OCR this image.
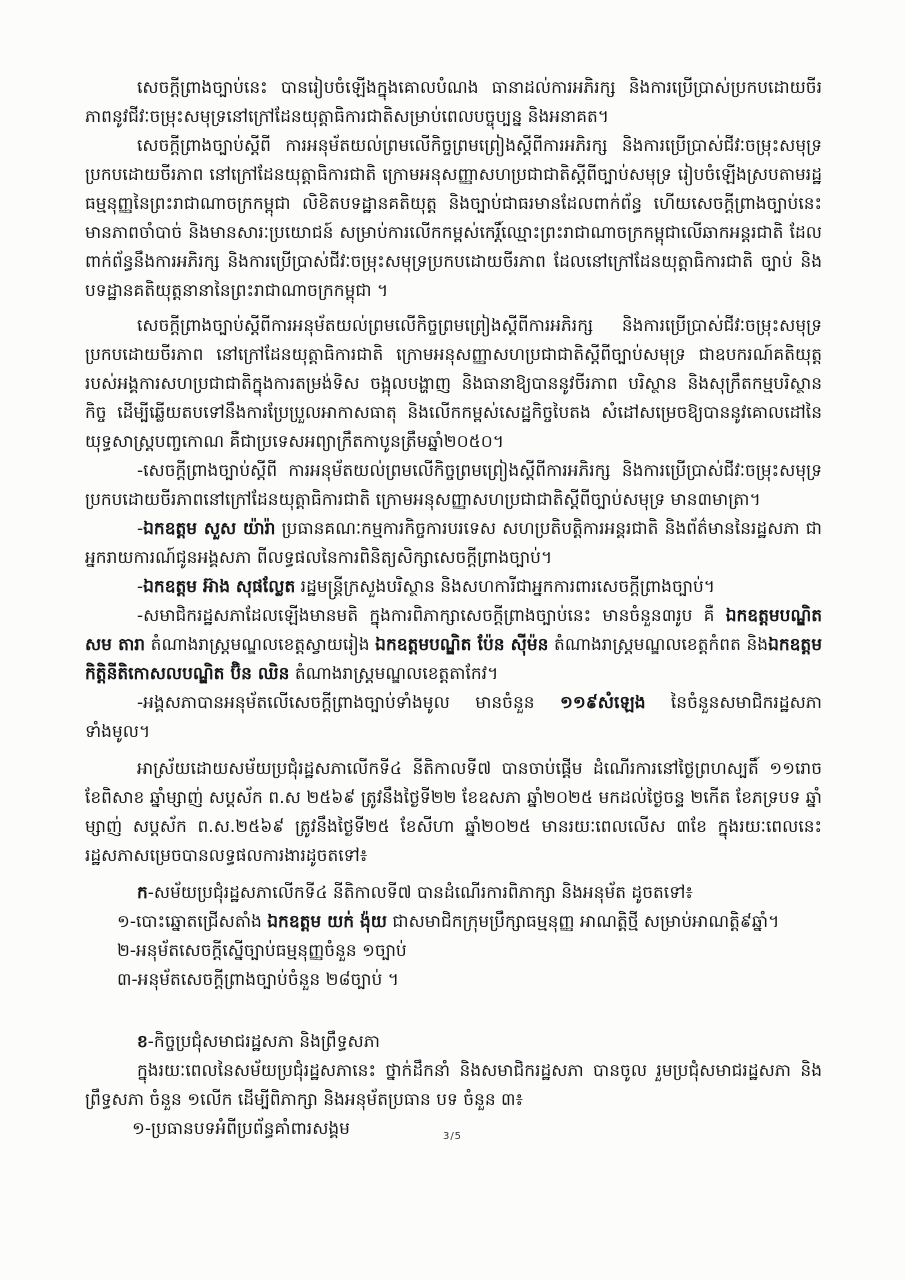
សេចក្តីព្រាងច្បាប់នេះ បានរៀបចំឡើងក្នុងគោលបំណង ធានាដល់ការអភិរក្ស និងការប្រើប្រាស់ប្រកបដោយចីរភាពនូវជីវៈចម្រុះសមុទ្រនៅក្រៅដែនយុត្តាធិការជាតិសម្រាប់ពេលបច្ចុប្បន្ន និងអនាគត។

សេចក្តីព្រាងច្បាប់ស្តីពី ការអនុម័តយល់ព្រមលើកិច្ចព្រមព្រៀងស្តីពីការអភិរក្ស និងការប្រើប្រាស់ជីវៈចម្រុះសមុទ្រប្រកបដោយចីរភាព នៅក្រៅដែនយុត្តាធិការជាតិ ក្រោមអនុសញ្ញាសហប្រជាជាតិស្តីពីច្បាប់សមុទ្រ រៀបចំឡើងស្របតាមរដ្ឋធម្មនុញ្ញនៃព្រះរាជាណាចក្រកម្ពុជា លិខិតបទដ្ឋានគតិយុត្ត និងច្បាប់ជាធរមានដែលពាក់ព័ន្ធ ហើយសេចក្តីព្រាងច្បាប់នេះមានភាពចាំបាច់ និងមានសារៈប្រយោជន៍ សម្រាប់ការលើកកម្ពស់កេរ្តិ៍ឈ្មោះព្រះរាជាណាចក្រកម្ពុជាលើឆាកអន្តរជាតិ ដែលពាក់ព័ន្ធនឹងការអភិរក្ស និងការប្រើប្រាស់ជីវៈចម្រុះសមុទ្រប្រកបដោយចីរភាព ដែលនៅក្រៅដែនយុត្តាធិការជាតិ ច្បាប់ និងបទដ្ឋានគតិយុត្តនានានៃព្រះរាជាណាចក្រកម្ពុជា ។

សេចក្តីព្រាងច្បាប់ស្តីពីការអនុម័តយល់ព្រមលើកិច្ចព្រមព្រៀងស្តីពីការអភិរក្ស និងការប្រើប្រាស់ជីវៈចម្រុះសមុទ្រប្រកបដោយចីរភាព នៅក្រៅដែនយុត្តាធិការជាតិ ក្រោមអនុសញ្ញាសហប្រជាជាតិស្តីពីច្បាប់សមុទ្រ ជាឧបករណ៍គតិយុត្តរបស់អង្គការសហប្រជាជាតិក្នុងការតម្រង់ទិស ចង្អុលបង្ហាញ និងធានាឱ្យបាននូវចីរភាព បរិស្ថាន និងសុក្រឹតកម្មបរិស្ថានកិច្ច ដើម្បីឆ្លើយតបទៅនឹងការប្រែប្រួលអាកាសធាតុ និងលើកកម្ពស់សេដ្ឋកិច្ចបៃតង សំដៅសម្រេចឱ្យបាននូវគោលដៅនៃយុទ្ធសាស្ត្របញ្ចកោណ គឺជាប្រទេសអព្យាក្រឹតកាបូនត្រឹមឆ្នាំ២០៥០។

-សេចក្តីព្រាងច្បាប់ស្តីពី ការអនុម័តយល់ព្រមលើកិច្ចព្រមព្រៀងស្តីពីការអភិរក្ស និងការប្រើប្រាស់ជីវៈចម្រុះសមុទ្រប្រកបដោយចីរភាពនៅក្រៅដែនយុត្តាធិការជាតិ ក្រោមអនុសញ្ញាសហប្រជាជាតិស្តីពីច្បាប់សមុទ្រ មាន៣មាត្រា។

-ឯកឧត្តម សួស យ៉ារ៉ា ប្រធានគណៈកម្មការកិច្ចការបរទេស សហប្រតិបត្តិការអន្តរជាតិ និងព័ត៌មាននៃរដ្ឋសភា ជាអ្នករាយការណ៍ជូនអង្គសភា ពីលទ្ធផលនៃការពិនិត្យសិក្សាសេចក្តីព្រាងច្បាប់។

-ឯកឧត្តម អ៊ាង សុផល្លែត រដ្ឋមន្ត្រីក្រសួងបរិស្ថាន និងសហការីជាអ្នកការពារសេចក្តីព្រាងច្បាប់។

-សមាជិករដ្ឋសភាដែលឡើងមានមតិ ក្នុងការពិភាក្សាសេចក្តីព្រាងច្បាប់នេះ មានចំនួន៣រូប គឺ ឯកឧត្តមបណ្ឌិត សម តារា តំណាងរាស្ត្រមណ្ឌលខេត្តស្វាយរៀង ឯកឧត្តមបណ្ឌិត ប៉ែន ស៊ីម៉ន តំណាងរាស្ត្រមណ្ឌលខេត្តកំពត និងឯកឧត្តមកិត្តិនីតិកោសលបណ្ឌិត ប៊ិន ឈិន តំណាងរាស្ត្រមណ្ឌលខេត្តតាកែវ។

-អង្គសភាបានអនុម័តលើសេចក្តីព្រាងច្បាប់ទាំងមូល មានចំនួន ១១៩សំឡេង នៃចំនួនសមាជិករដ្ឋសភាទាំងមូល។

អាស្រ័យដោយសម័យប្រជុំរដ្ឋសភាលើកទី៤ នីតិកាលទី៧ បានចាប់ផ្តើម ដំណើរការនៅថ្ងៃព្រហស្បតិ៍ ១១រោច ខែពិសាខ ឆ្នាំម្សាញ់ សប្តស័ក ព.ស ២៥៦៩ ត្រូវនឹងថ្ងៃទី២២ ខែឧសភា ឆ្នាំ២០២៥ មកដល់ថ្ងៃចន្ទ ២កើត ខែភទ្របទ ឆ្នាំម្សាញ់ សប្តស័ក ព.ស.២៥៦៩ ត្រូវនឹងថ្ងៃទី២៥ ខែសីហា ឆ្នាំ២០២៥ មានរយៈពេលលើស ៣ខែ ក្នុងរយៈពេលនេះ រដ្ឋសភាសម្រេចបានលទ្ធផលការងារដូចតទៅ៖

ក-សម័យប្រជុំរដ្ឋសភាលើកទី៤ នីតិកាលទី៧ បានដំណើរការពិភាក្សា និងអនុម័ត ដូចតទៅ៖

១-បោះឆ្នោតជ្រើសតាំង ឯកឧត្តម យក់ ង៉ុយ ជាសមាជិកក្រុមប្រឹក្សាធម្មនុញ្ញ អាណត្តិថ្មី សម្រាប់អាណត្តិ៩ឆ្នាំ។

២-អនុម័តសេចក្តីស្នើច្បាប់ធម្មនុញ្ញចំនួន ១ច្បាប់

៣-អនុម័តសេចក្តីព្រាងច្បាប់ចំនួន ២៨ច្បាប់ ។

ខ-កិច្ចប្រជុំសមាជរដ្ឋសភា និងព្រឹទ្ធសភា

ក្នុងរយៈពេលនៃសម័យប្រជុំរដ្ឋសភានេះ ថ្នាក់ដឹកនាំ និងសមាជិករដ្ឋសភា បានចូល រួមប្រជុំសមាជរដ្ឋសភា និងព្រឹទ្ធសភា ចំនួន ១លើក ដើម្បីពិភាក្សា និងអនុម័តប្រធាន បទ ចំនួន ៣៖

១-ប្រធានបទអំពីប្រព័ន្ធគាំពារសង្គម	3/5
